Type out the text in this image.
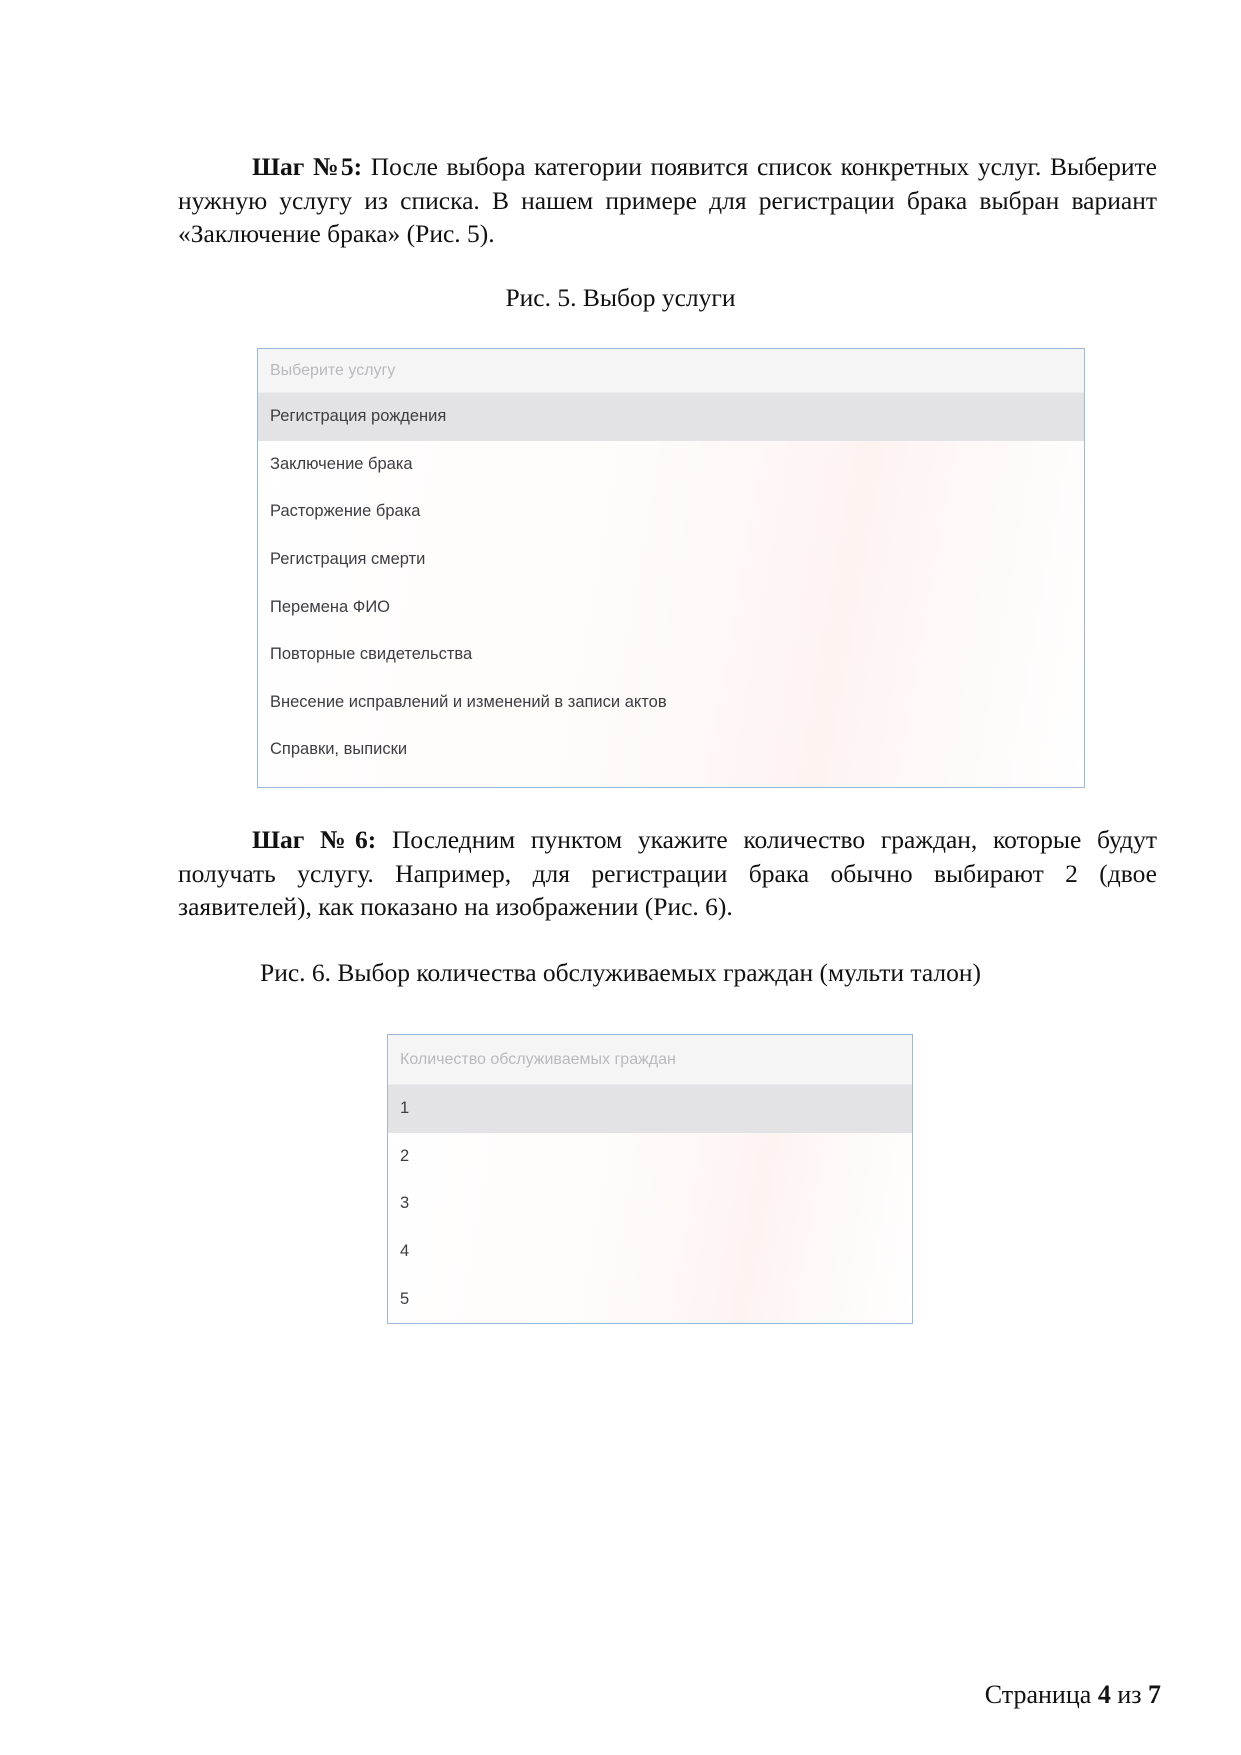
Шаг №5: После выбора категории появится список конкретных услуг. Выберите нужную услугу из списка. В нашем примере для регистрации брака выбран вариант «Заключение брака» (Рис. 5).

Рис. 5. Выбор услуги

Выберите услугу
Регистрация рождения
Заключение брака
Расторжение брака
Регистрация смерти
Перемена ФИО
Повторные свидетельства
Внесение исправлений и изменений в записи актов
Справки, выписки

Шаг №6: Последним пунктом укажите количество граждан, которые будут получать услугу. Например, для регистрации брака обычно выбирают 2 (двое заявителей), как показано на изображении (Рис. 6).

Рис. 6. Выбор количества обслуживаемых граждан (мульти талон)

Количество обслуживаемых граждан
1
2
3
4
5
Страница 4 из 7
